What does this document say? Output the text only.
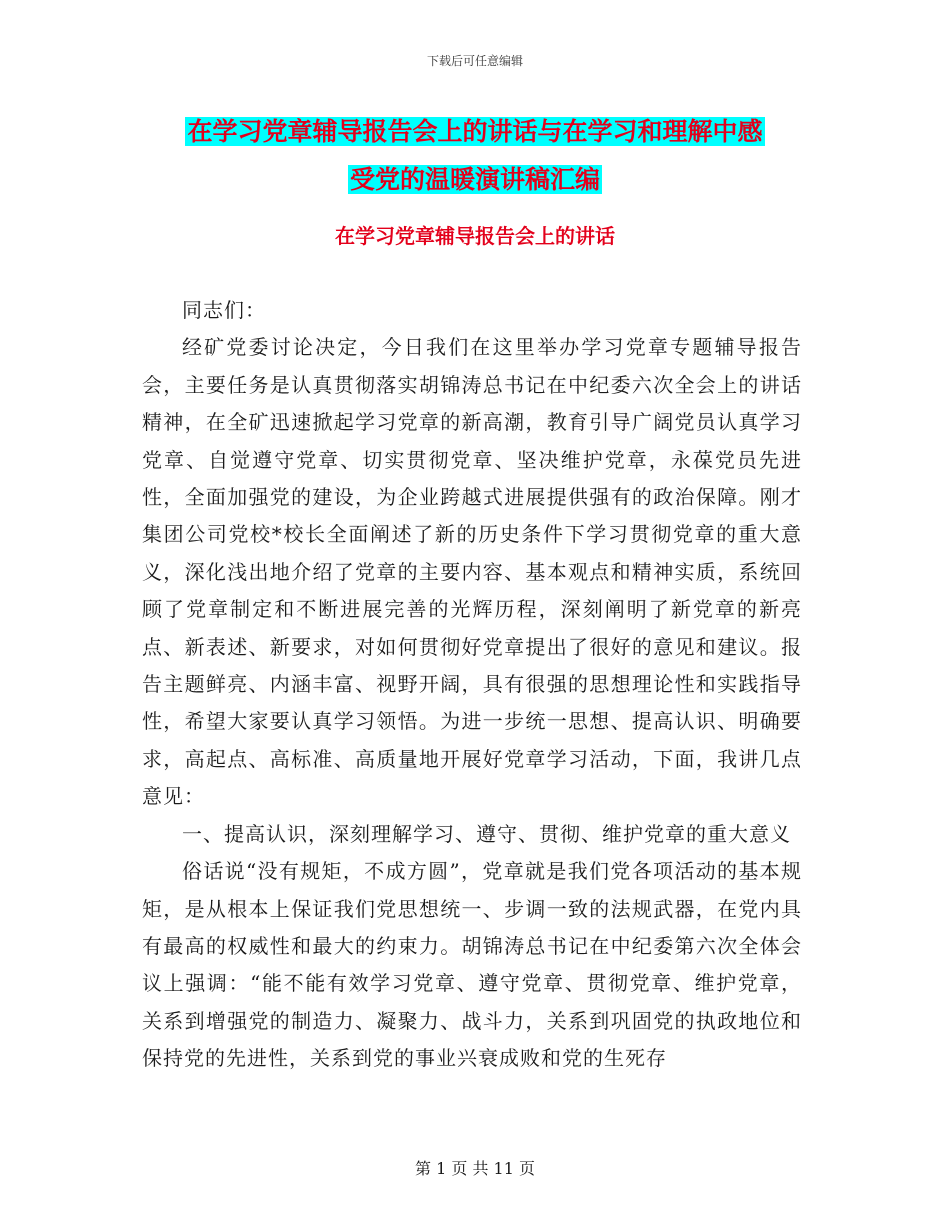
下载后可任意编辑
在学习党章辅导报告会上的讲话与在学习和理解中感
受党的温暖演讲稿汇编
在学习党章辅导报告会上的讲话

同志们：

经矿党委讨论决定，今日我们在这里举办学习党章专题辅导报告会，主要任务是认真贯彻落实胡锦涛总书记在中纪委六次全会上的讲话精神，在全矿迅速掀起学习党章的新高潮，教育引导广阔党员认真学习党章、自觉遵守党章、切实贯彻党章、坚决维护党章，永葆党员先进性，全面加强党的建设，为企业跨越式进展提供强有的政治保障。刚才集团公司党校*校长全面阐述了新的历史条件下学习贯彻党章的重大意义，深化浅出地介绍了党章的主要内容、基本观点和精神实质，系统回顾了党章制定和不断进展完善的光辉历程，深刻阐明了新党章的新亮点、新表述、新要求，对如何贯彻好党章提出了很好的意见和建议。报告主题鲜亮、内涵丰富、视野开阔，具有很强的思想理论性和实践指导性，希望大家要认真学习领悟。为进一步统一思想、提高认识、明确要求，高起点、高标准、高质量地开展好党章学习活动，下面，我讲几点意见：

一、提高认识，深刻理解学习、遵守、贯彻、维护党章的重大意义

俗话说“没有规矩，不成方圆”，党章就是我们党各项活动的基本规矩，是从根本上保证我们党思想统一、步调一致的法规武器，在党内具有最高的权威性和最大的约束力。胡锦涛总书记在中纪委第六次全体会议上强调：“能不能有效学习党章、遵守党章、贯彻党章、维护党章，关系到增强党的制造力、凝聚力、战斗力，关系到巩固党的执政地位和保持党的先进性，关系到党的事业兴衰成败和党的生死存

第 1 页 共 11 页
